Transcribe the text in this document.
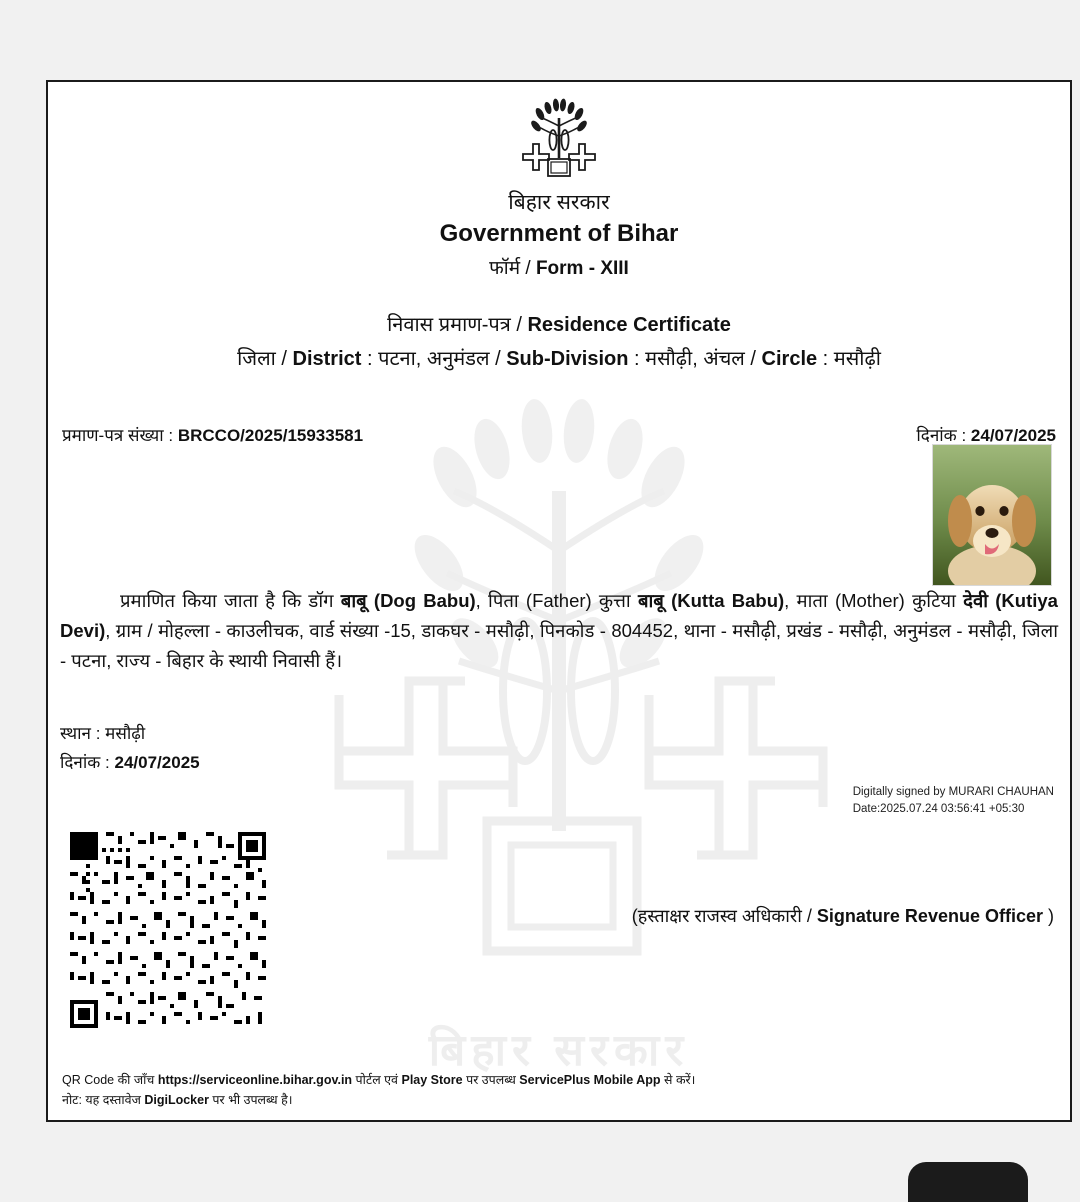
बिहार सरकार
बिहार सरकार
Government of Bihar
फॉर्म / Form - XIII
निवास प्रमाण-पत्र / Residence Certificate
जिला / District : पटना, अनुमंडल / Sub-Division : मसौढ़ी, अंचल / Circle : मसौढ़ी
प्रमाण-पत्र संख्या : BRCCO/2025/15933581	दिनांक : 24/07/2025
प्रमाणित किया जाता है कि डॉग बाबू (Dog Babu), पिता (Father) कुत्ता बाबू (Kutta Babu), माता (Mother) कुटिया देवी (Kutiya Devi), ग्राम / मोहल्ला - काउलीचक, वार्ड संख्या -15, डाकघर - मसौढ़ी, पिनकोड - 804452, थाना - मसौढ़ी, प्रखंड - मसौढ़ी, अनुमंडल - मसौढ़ी, जिला - पटना, राज्य - बिहार के स्थायी निवासी हैं।
स्थान : मसौढ़ी
दिनांक : 24/07/2025
Digitally signed by MURARI CHAUHAN
Date:2025.07.24 03:56:41 +05:30
(हस्ताक्षर राजस्व अधिकारी / Signature Revenue Officer )
QR Code की जाँच https://serviceonline.bihar.gov.in पोर्टल एवं Play Store पर उपलब्ध ServicePlus Mobile App से करें।
नोट: यह दस्तावेज DigiLocker पर भी उपलब्ध है।
